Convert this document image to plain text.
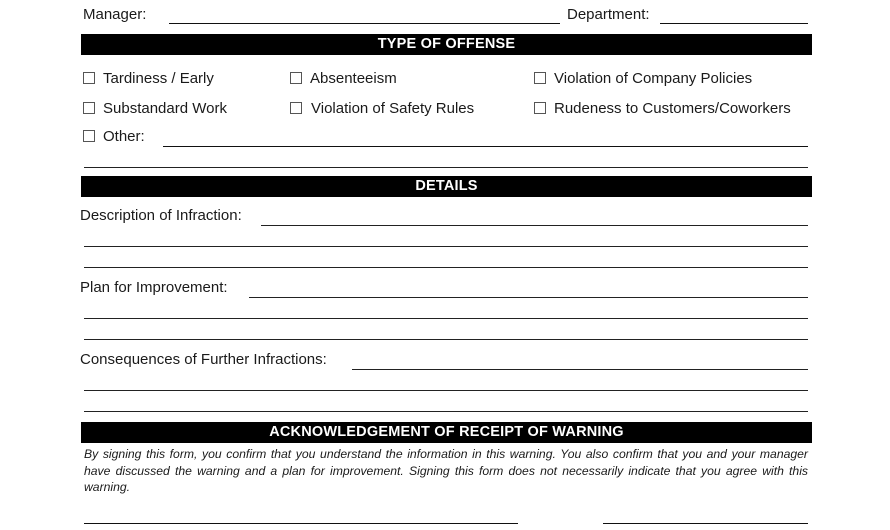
Manager:	Department:
TYPE OF OFFENSE
Tardiness / Early	Absenteeism	Violation of Company Policies
Substandard Work	Violation of Safety Rules	Rudeness to Customers/Coworkers
Other:
DETAILS
Description of Infraction:
Plan for Improvement:
Consequences of Further Infractions:
ACKNOWLEDGEMENT OF RECEIPT OF WARNING
By signing this form, you confirm that you understand the information in this warning. You also confirm that you and your manager have discussed the warning and a plan for improvement. Signing this form does not necessarily indicate that you agree with this warning.
